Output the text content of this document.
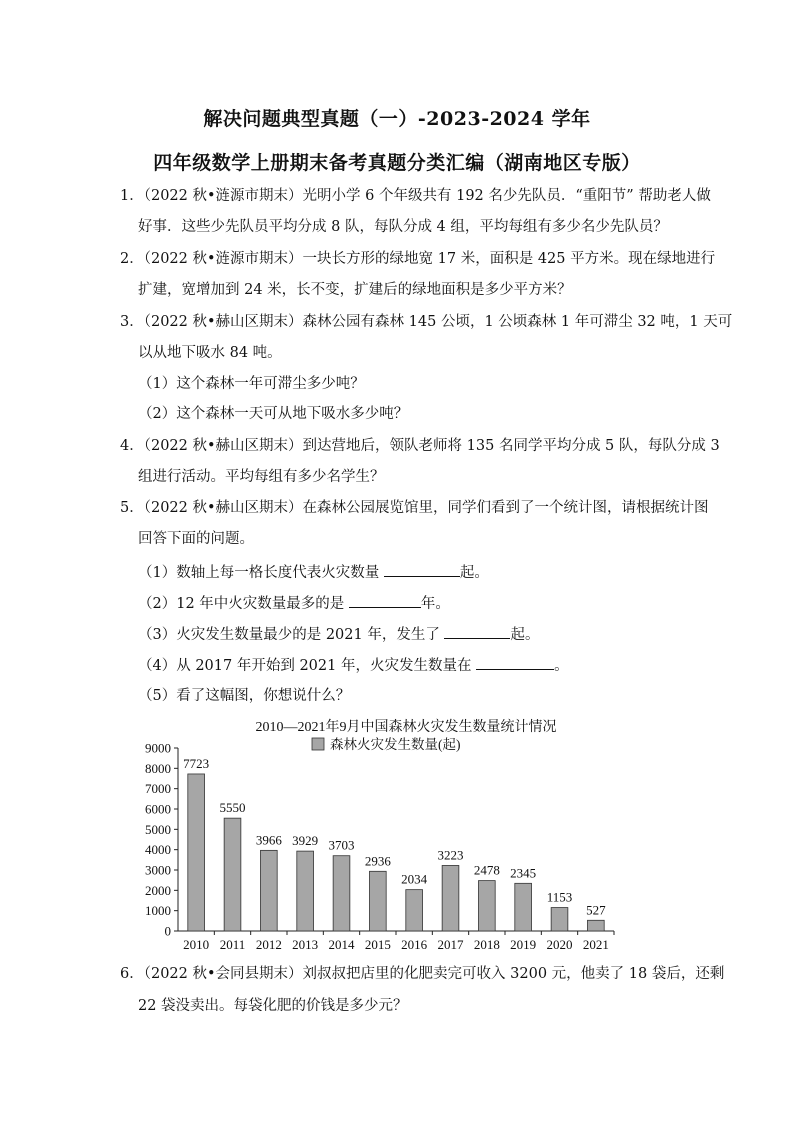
解决问题典型真题（一）-2023-2024 学年
四年级数学上册期末备考真题分类汇编（湖南地区专版）
1．（2022 秋•涟源市期末）光明小学 6 个年级共有 192 名少先队员．“重阳节” 帮助老人做
好事．这些少先队员平均分成 8 队，每队分成 4 组，平均每组有多少名少先队员？
2．（2022 秋•涟源市期末）一块长方形的绿地宽 17 米，面积是 425 平方米。现在绿地进行
扩建，宽增加到 24 米，长不变，扩建后的绿地面积是多少平方米？
3．（2022 秋•赫山区期末）森林公园有森林 145 公顷，1 公顷森林 1 年可滞尘 32 吨，1 天可
以从地下吸水 84 吨。
（1）这个森林一年可滞尘多少吨？
（2）这个森林一天可从地下吸水多少吨？
4．（2022 秋•赫山区期末）到达营地后，领队老师将 135 名同学平均分成 5 队，每队分成 3
组进行活动。平均每组有多少名学生？
5．（2022 秋•赫山区期末）在森林公园展览馆里，同学们看到了一个统计图，请根据统计图
回答下面的问题。
（1）数轴上每一格长度代表火灾数量	起。
（2）12 年中火灾数量最多的是	年。
（3）火灾发生数量最少的是 2021 年，发生了	起。
（4）从 2017 年开始到 2021 年，火灾发生数量在	。
（5）看了这幅图，你想说什么？
2010—2021年9月中国森林火灾发生数量统计情况
森林火灾发生数量(起)
0
1000
2000
3000
4000
5000
6000
7000
8000
9000
2010 2011 2012 2013 2014 2015 2016 2017 2018 2019 2020 2021
7723
5550
3966 3929 3703
2936
2034
3223
2478 2345
1153
527
6．（2022 秋•会同县期末）刘叔叔把店里的化肥卖完可收入 3200 元，他卖了 18 袋后，还剩
22 袋没卖出。每袋化肥的价钱是多少元？
